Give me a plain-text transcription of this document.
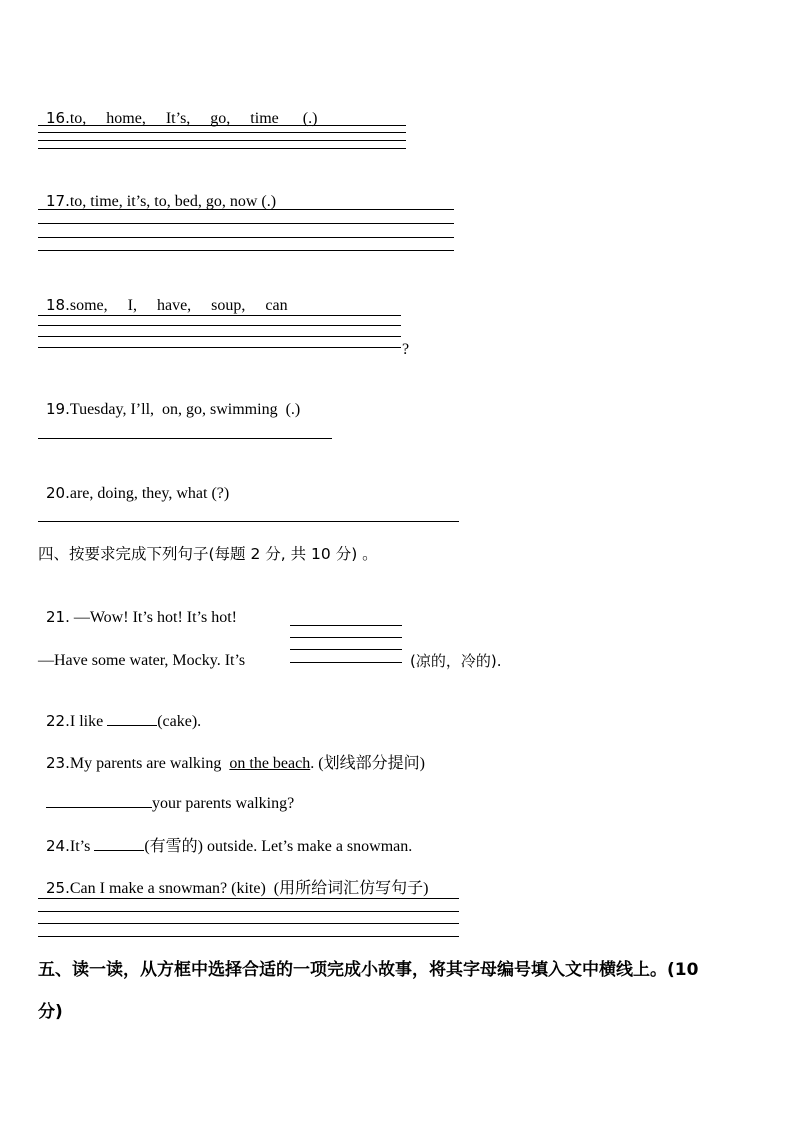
16.to,     home,     It’s,     go,     time      (.)

17.to, time, it’s, to, bed, go, now (.)

18.some,     I,     have,     soup,     can

?

19.Tuesday, I’ll,  on, go, swimming  (.)

20.are, doing, they, what (?)

四、按要求完成下列句子(每题 2 分, 共 10 分) 。

21. —Wow! It’s hot! It’s hot!

—Have some water, Mocky. It’s	(凉的，冷的).

22.I like	(cake).

23.My parents are walking  on the beach. (划线部分提问)

your parents walking?

24.It’s	(有雪的) outside. Let’s make a snowman.

25.Can I make a snowman? (kite)  (用所给词汇仿写句子)

五、读一读，从方框中选择合适的一项完成小故事，将其字母编号填入文中横线上。(10
分)
